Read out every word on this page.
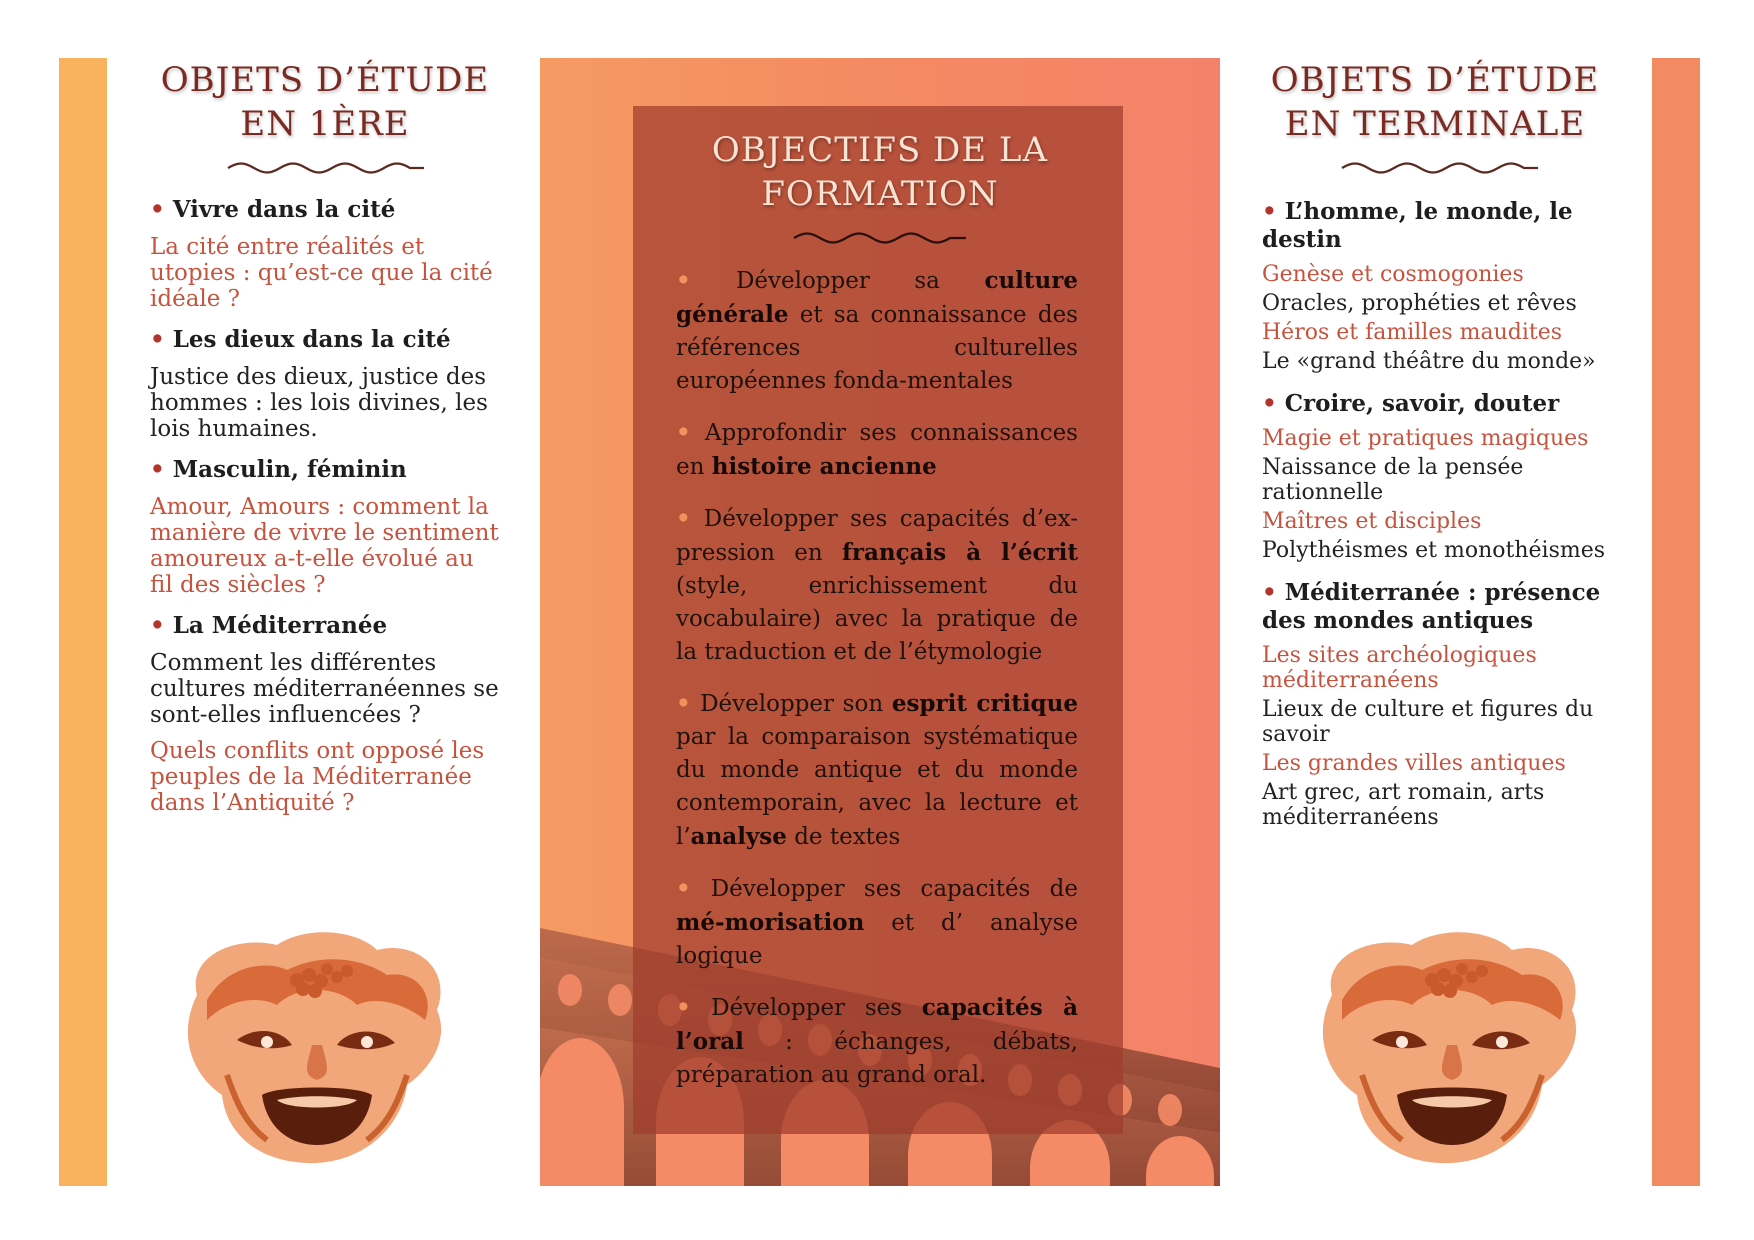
OBJETS D’ÉTUDE
EN 1ÈRE
• Vivre dans la cité
La cité entre réalités et utopies : qu’est-ce que la cité idéale ?
• Les dieux dans la cité
Justice des dieux, justice des hommes : les lois divines, les lois humaines.
• Masculin, féminin
Amour, Amours : comment la manière de vivre le sentiment amoureux a-t-elle évolué au fil des siècles ?
• La Méditerranée
Comment les différentes cultures méditerranéennes se sont-elles influencées ?
Quels conflits ont opposé les peuples de la Méditerranée dans l’Antiquité ?
OBJECTIFS DE LA
FORMATION
• Développer sa culture générale et sa connaissance des références culturelles européennes fonda-mentales
• Approfondir ses connaissances en histoire ancienne
• Développer ses capacités d’ex-pression en français à l’écrit (style, enrichissement du vocabulaire) avec la pratique de la traduction et de l’étymologie
• Développer son esprit critique par la comparaison systématique du monde antique et du monde contemporain, avec la lecture et l’analyse de textes
• Développer ses capacités de mé-morisation et d’ analyse logique
• Développer ses capacités à l’oral : échanges, débats, préparation au grand oral.
OBJETS D’ÉTUDE
EN TERMINALE
• L’homme, le monde, le destin
Genèse et cosmogonies
Oracles, prophéties et rêves
Héros et familles maudites
Le «grand théâtre du monde»
• Croire, savoir, douter
Magie et pratiques magiques
Naissance de la pensée rationnelle
Maîtres et disciples
Polythéismes et monothéismes
• Méditerranée : présence des mondes antiques
Les sites archéologiques méditerranéens
Lieux de culture et figures du savoir
Les grandes villes antiques
Art grec, art romain, arts méditerranéens
